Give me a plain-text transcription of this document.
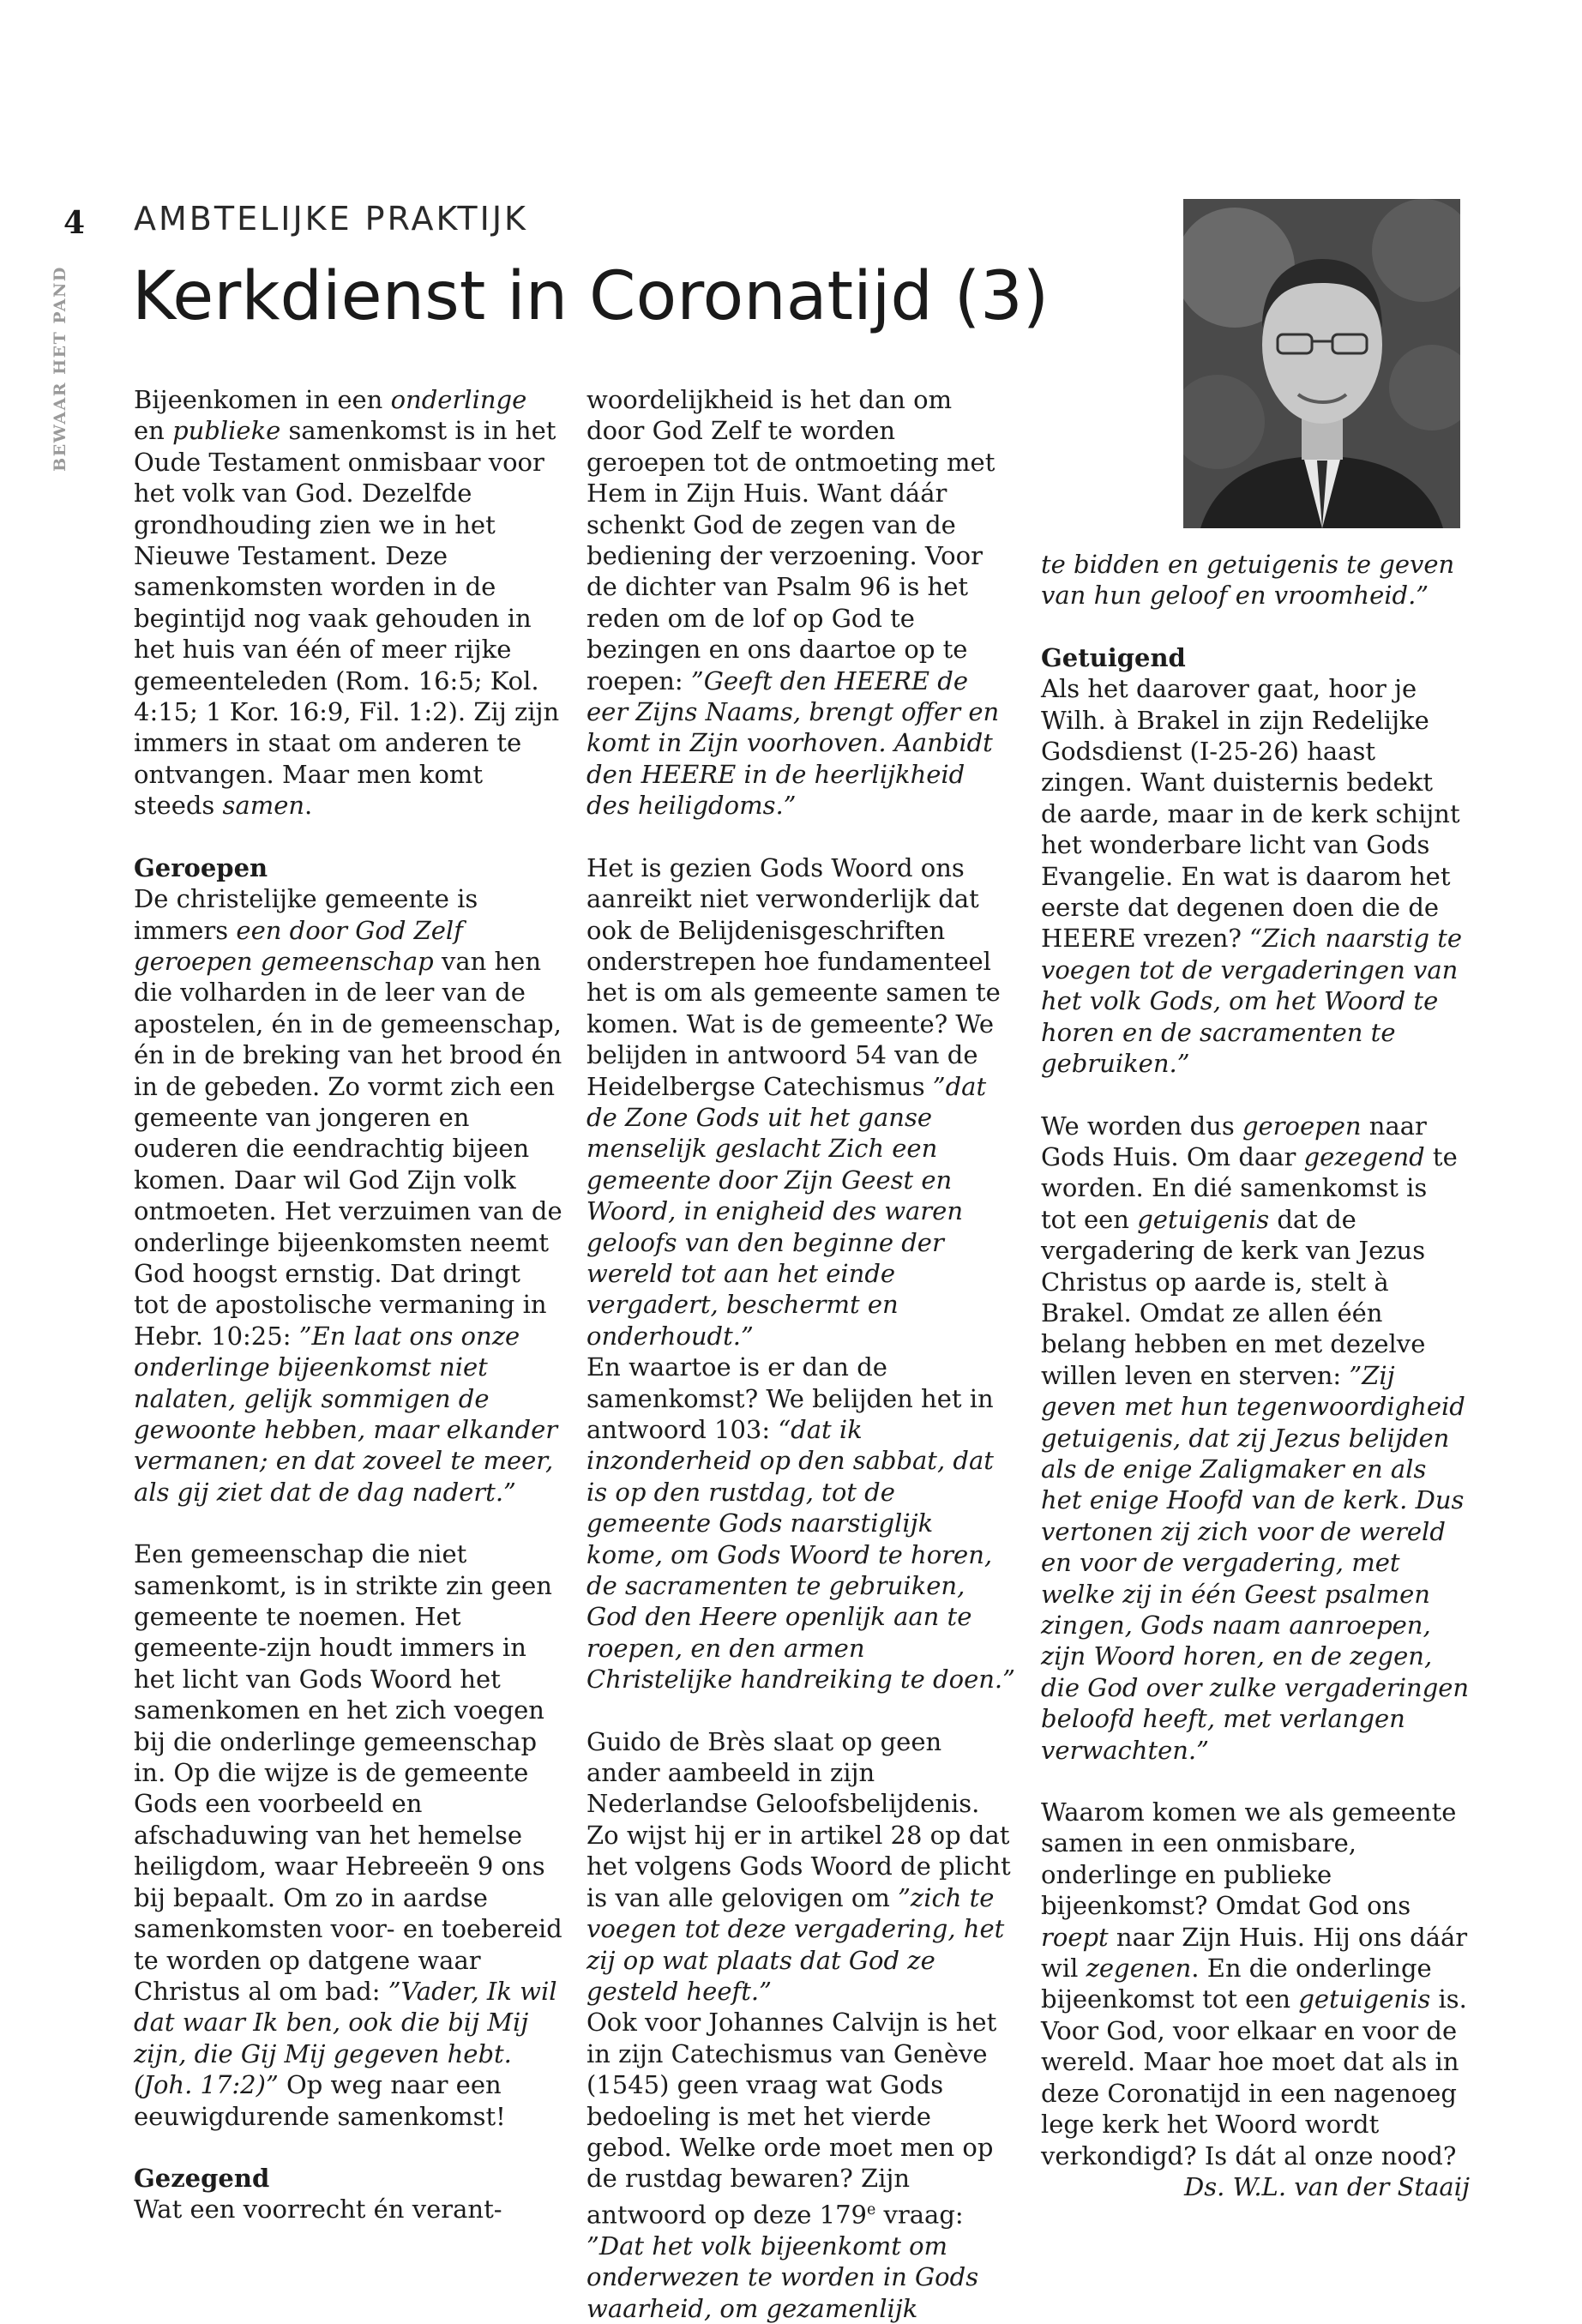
4
BEWAAR HET PAND
AMBTELIJKE PRAKTIJK
Kerkdienst in Coronatijd (3)

Bijeenkomen in een onderlinge en publieke samenkomst is in het Oude Testament onmisbaar voor het volk van God. Dezelfde grondhouding zien we in het Nieuwe Testament. Deze samenkomsten worden in de begintijd nog vaak gehouden in het huis van één of meer rijke gemeenteleden (Rom. 16:5; Kol. 4:15; 1 Kor. 16:9, Fil. 1:2). Zij zijn immers in staat om anderen te ontvangen. Maar men komt steeds samen.

Geroepen

De christelijke gemeente is immers een door God Zelf geroepen gemeenschap van hen die volharden in de leer van de apostelen, én in de gemeenschap, én in de breking van het brood én in de gebeden. Zo vormt zich een gemeente van jongeren en ouderen die eendrachtig bijeen komen. Daar wil God Zijn volk ontmoeten. Het verzuimen van de onderlinge bijeenkomsten neemt God hoogst ernstig. Dat dringt tot de apostolische vermaning in Hebr. 10:25: ”En laat ons onze onderlinge bijeenkomst niet nalaten, gelijk sommigen de gewoonte hebben, maar elkander vermanen; en dat zoveel te meer, als gij ziet dat de dag nadert.”

Een gemeenschap die niet samenkomt, is in strikte zin geen gemeente te noemen. Het gemeente-zijn houdt immers in het licht van Gods Woord het samenkomen en het zich voegen bij die onderlinge gemeenschap in. Op die wijze is de gemeente Gods een voorbeeld en afschaduwing van het hemelse heiligdom, waar Hebreeën 9 ons bij bepaalt. Om zo in aardse samenkomsten voor- en toebereid te worden op datgene waar Christus al om bad: ”Vader, Ik wil dat waar Ik ben, ook die bij Mij zijn, die Gij Mij gegeven hebt. (Joh. 17:2)” Op weg naar een eeuwigdurende samenkomst!

Gezegend

Wat een voorrecht én verant-

woordelijkheid is het dan om door God Zelf te worden geroepen tot de ontmoeting met Hem in Zijn Huis. Want dáár schenkt God de zegen van de bediening der verzoening. Voor de dichter van Psalm 96 is het reden om de lof op God te bezingen en ons daartoe op te roepen: ”Geeft den HEERE de eer Zijns Naams, brengt offer en komt in Zijn voorhoven. Aanbidt den HEERE in de heerlijkheid des heiligdoms.”

Het is gezien Gods Woord ons aanreikt niet verwonderlijk dat ook de Belijdenisgeschriften onderstrepen hoe fundamenteel het is om als gemeente samen te komen. Wat is de gemeente? We belijden in antwoord 54 van de Heidelbergse Catechismus ”dat de Zone Gods uit het ganse menselijk geslacht Zich een gemeente door Zijn Geest en Woord, in enigheid des waren geloofs van den beginne der wereld tot aan het einde vergadert, beschermt en onderhoudt.”

En waartoe is er dan de samenkomst? We belijden het in antwoord 103: “dat ik inzonderheid op den sabbat, dat is op den rustdag, tot de gemeente Gods naarstiglijk kome, om Gods Woord te horen, de sacramenten te gebruiken, God den Heere openlijk aan te roepen, en den armen Christelijke handreiking te doen.”

Guido de Brès slaat op geen ander aambeeld in zijn Nederlandse Geloofsbelijdenis. Zo wijst hij er in artikel 28 op dat het volgens Gods Woord de plicht is van alle gelovigen om ”zich te voegen tot deze vergadering, het zij op wat plaats dat God ze gesteld heeft.”

Ook voor Johannes Calvijn is het in zijn Catechismus van Genève (1545) geen vraag wat Gods bedoeling is met het vierde gebod. Welke orde moet men op de rustdag bewaren? Zijn antwoord op deze 179e vraag: ”Dat het volk bijeenkomt om onderwezen te worden in Gods waarheid, om gezamenlijk

te bidden en getuigenis te geven van hun geloof en vroomheid.”

Getuigend

Als het daarover gaat, hoor je Wilh. à Brakel in zijn Redelijke Godsdienst (I-25-26) haast zingen. Want duisternis bedekt de aarde, maar in de kerk schijnt het wonderbare licht van Gods Evangelie. En wat is daarom het eerste dat degenen doen die de HEERE vrezen? “Zich naarstig te voegen tot de vergaderingen van het volk Gods, om het Woord te horen en de sacramenten te gebruiken.”

We worden dus geroepen naar Gods Huis. Om daar gezegend te worden. En dié samenkomst is tot een getuigenis dat de vergadering de kerk van Jezus Christus op aarde is, stelt à Brakel. Omdat ze allen één belang hebben en met dezelve willen leven en sterven: ”Zij geven met hun tegenwoordigheid getuigenis, dat zij Jezus belijden als de enige Zaligmaker en als het enige Hoofd van de kerk. Dus vertonen zij zich voor de wereld en voor de vergadering, met welke zij in één Geest psalmen zingen, Gods naam aanroepen, zijn Woord horen, en de zegen, die God over zulke vergaderingen beloofd heeft, met verlangen verwachten.”

Waarom komen we als gemeente samen in een onmisbare, onderlinge en publieke bijeenkomst? Omdat God ons roept naar Zijn Huis. Hij ons dáár wil zegenen. En die onderlinge bijeenkomst tot een getuigenis is. Voor God, voor elkaar en voor de wereld. Maar hoe moet dat als in deze Coronatijd in een nagenoeg lege kerk het Woord wordt verkondigd? Is dát al onze nood?

Ds. W.L. van der Staaij
